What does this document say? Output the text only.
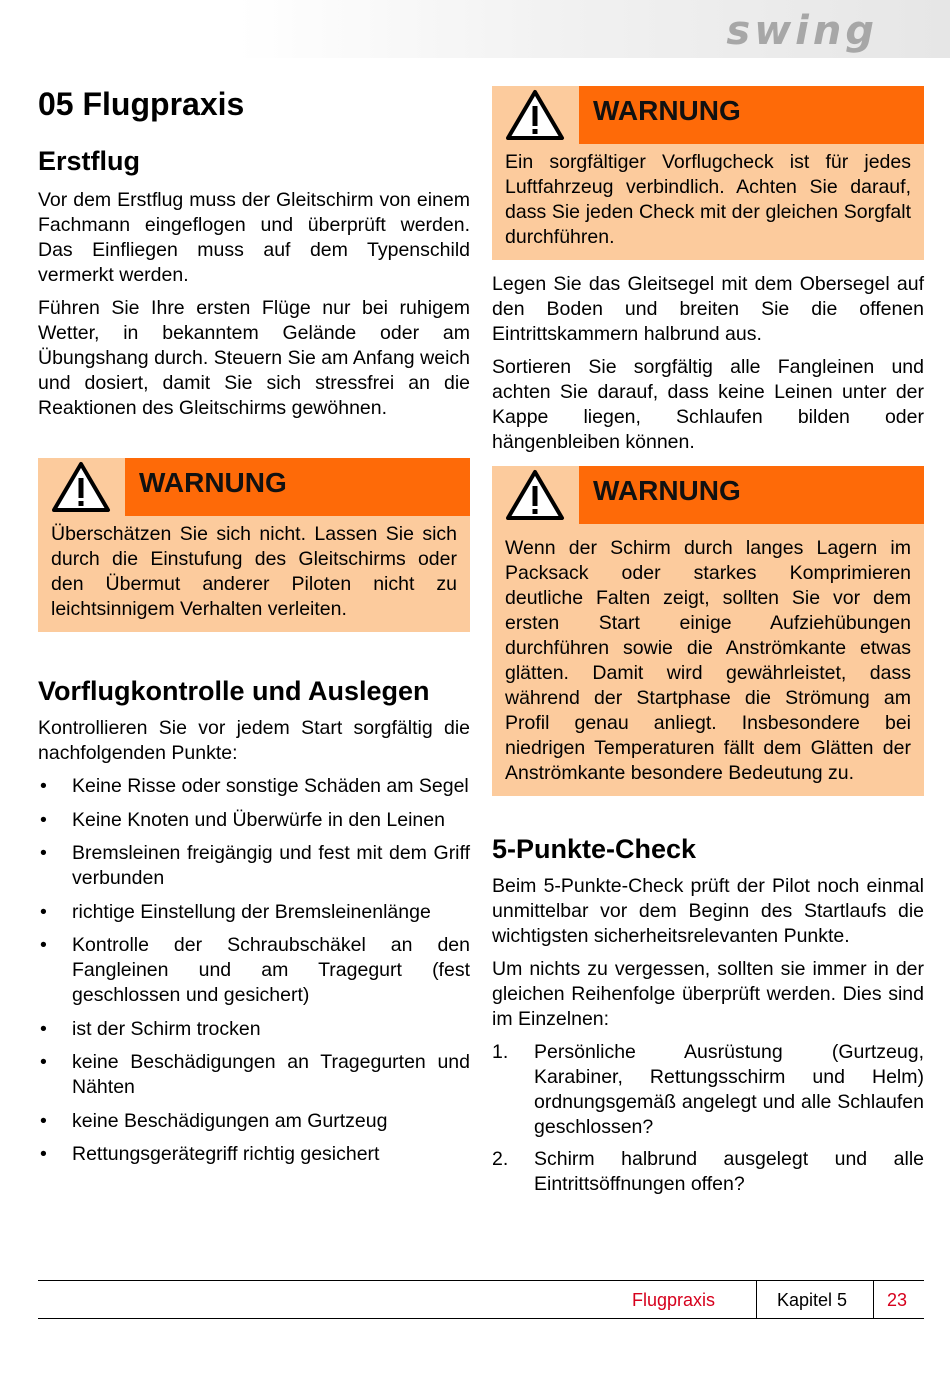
swing
05 Flugpraxis
Erstflug

Vor dem Erstflug muss der Gleitschirm von einem Fachmann eingeflogen und überprüft werden. Das Einfliegen muss auf dem Typenschild vermerkt werden.

Führen Sie Ihre ersten Flüge nur bei ruhigem Wetter, in bekanntem Gelände oder am Übungshang durch. Steuern Sie am Anfang weich und dosiert, damit Sie sich stressfrei an die Reaktionen des Gleitschirms gewöhnen.

WARNUNG

Überschätzen Sie sich nicht. Lassen Sie sich durch die Einstufung des Gleitschirms oder den Übermut anderer Piloten nicht zu leichtsinnigem Verhalten verleiten.

Vorflugkontrolle und Auslegen

Kontrollieren Sie vor jedem Start sorgfältig die nachfolgenden Punkte:

• Keine Risse oder sonstige Schäden am Segel
• Keine Knoten und Überwürfe in den Leinen
• Bremsleinen freigängig und fest mit dem Griff verbunden
• richtige Einstellung der Bremsleinenlänge
• Kontrolle der Schraubschäkel an den Fangleinen und am Tragegurt (fest geschlossen und gesichert)
• ist der Schirm trocken
• keine Beschädigungen an Tragegurten und Nähten
• keine Beschädigungen am Gurtzeug
• Rettungsgerätegriff richtig gesichert
WARNUNG

Ein sorgfältiger Vorflugcheck ist für jedes Luftfahrzeug verbindlich. Achten Sie darauf, dass Sie jeden Check mit der gleichen Sorgfalt durchführen.

Legen Sie das Gleitsegel mit dem Obersegel auf den Boden und breiten Sie die offenen Eintrittskammern halbrund aus.

Sortieren Sie sorgfältig alle Fangleinen und achten Sie darauf, dass keine Leinen unter der Kappe liegen, Schlaufen bilden oder hängenbleiben können.

WARNUNG

Wenn der Schirm durch langes Lagern im Packsack oder starkes Komprimieren deutliche Falten zeigt, sollten Sie vor dem ersten Start einige Aufziehübungen durchführen sowie die Anströmkante etwas glätten. Damit wird gewährleistet, dass während der Startphase die Strömung am Profil genau anliegt. Insbesondere bei niedrigen Temperaturen fällt dem Glätten der Anströmkante besondere Bedeutung zu.

5-Punkte-Check

Beim 5-Punkte-Check prüft der Pilot noch einmal unmittelbar vor dem Beginn des Startlaufs die wichtigsten sicherheitsrelevanten Punkte.

Um nichts zu vergessen, sollten sie immer in der gleichen Reihenfolge überprüft werden. Dies sind im Einzelnen:

1. Persönliche Ausrüstung (Gurtzeug, Karabiner, Rettungsschirm und Helm) ordnungsgemäß angelegt und alle Schlaufen geschlossen?
2. Schirm halbrund ausgelegt und alle Eintrittsöffnungen offen?
Flugpraxis	Kapitel 5 23
